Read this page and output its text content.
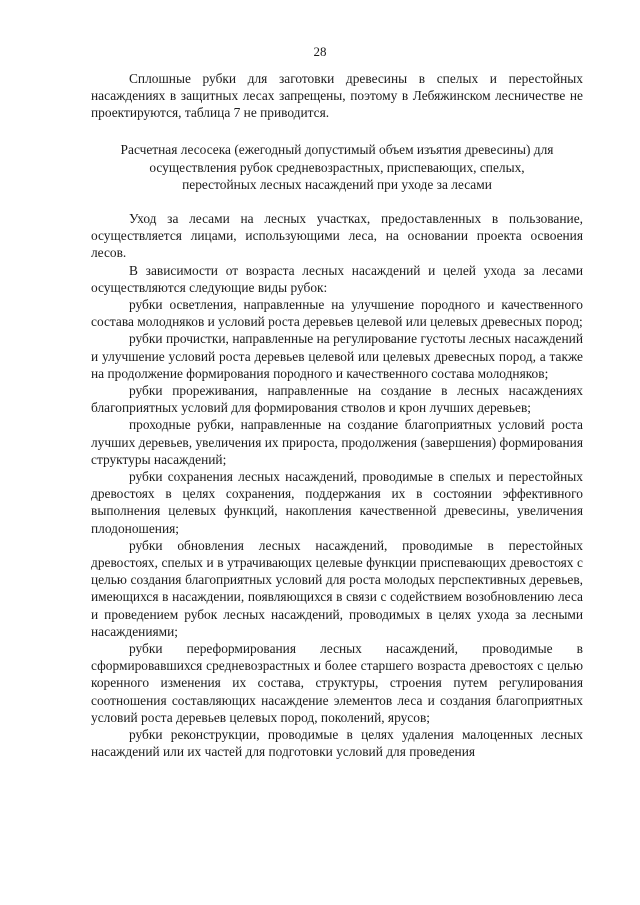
28

Сплошные рубки для заготовки древесины в спелых и перестойных насаждениях в защитных лесах запрещены, поэтому в Лебяжинском лесничестве не проектируются, таблица 7 не приводится.

Расчетная лесосека (ежегодный допустимый объем изъятия древесины) для
осуществления рубок средневозрастных, приспевающих, спелых,
перестойных лесных насаждений при уходе за лесами

Уход за лесами на лесных участках, предоставленных в пользование, осуществляется лицами, использующими леса, на основании проекта освоения лесов.

В зависимости от возраста лесных насаждений и целей ухода за лесами осуществляются следующие виды рубок:

рубки осветления, направленные на улучшение породного и качественного состава молодняков и условий роста деревьев целевой или целевых древесных пород;

рубки прочистки, направленные на регулирование густоты лесных насаждений и улучшение условий роста деревьев целевой или целевых древесных пород, а также на продолжение формирования породного и качественного состава молодняков;

рубки прореживания, направленные на создание в лесных насаждениях благоприятных условий для формирования стволов и крон лучших деревьев;

проходные рубки, направленные на создание благоприятных условий роста лучших деревьев, увеличения их прироста, продолжения (завершения) формирования структуры насаждений;

рубки сохранения лесных насаждений, проводимые в спелых и перестойных древостоях в целях сохранения, поддержания их в состоянии эффективного выполнения целевых функций, накопления качественной древесины, увеличения плодоношения;

рубки обновления лесных насаждений, проводимые в перестойных древостоях, спелых и в утрачивающих целевые функции приспевающих древостоях с целью создания благоприятных условий для роста молодых перспективных деревьев, имеющихся в насаждении, появляющихся в связи с содействием возобновлению леса и проведением рубок лесных насаждений, проводимых в целях ухода за лесными насаждениями;

рубки переформирования лесных насаждений, проводимые в сформировавшихся средневозрастных и более старшего возраста древостоях с целью коренного изменения их состава, структуры, строения путем регулирования соотношения составляющих насаждение элементов леса и создания благоприятных условий роста деревьев целевых пород, поколений, ярусов;

рубки реконструкции, проводимые в целях удаления малоценных лесных насаждений или их частей для подготовки условий для проведения
